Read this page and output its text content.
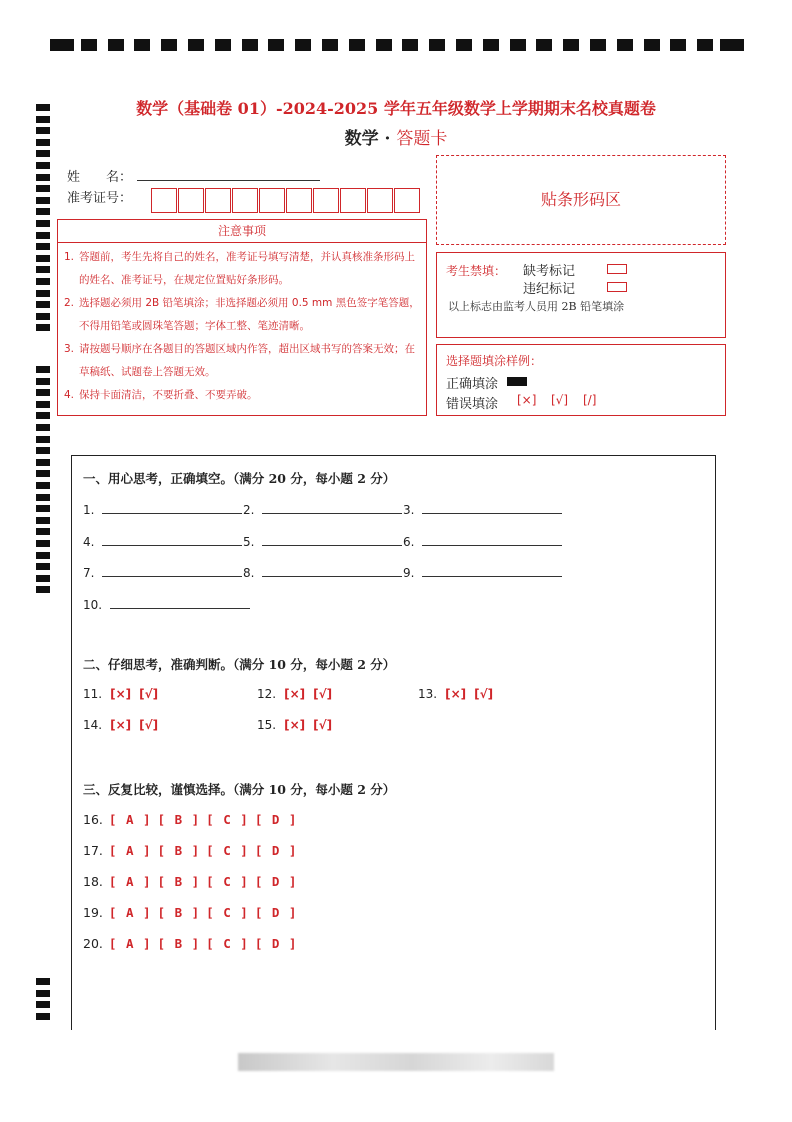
数学（基础卷 01）-2024-2025 学年五年级数学上学期期末名校真题卷
数学 · 答题卡
姓　　名：
准考证号：	贴条形码区
注意事项
1. 答题前，考生先将自己的姓名，准考证号填写清楚，并认真核准条形码上的姓名、准考证号，在规定位置贴好条形码。
2. 选择题必须用 2B 铅笔填涂；非选择题必须用 0.5 mm 黑色签字笔答题，不得用铅笔或圆珠笔答题；字体工整、笔迹清晰。
3. 请按题号顺序在各题目的答题区域内作答，超出区域书写的答案无效；在草稿纸、试题卷上答题无效。
4. 保持卡面清洁，不要折叠、不要弄破。
考生禁填： 缺考标记
违纪标记
以上标志由监考人员用 2B 铅笔填涂
选择题填涂样例：
正确填涂
错误填涂 [×] [√] [/]
一、用心思考，正确填空。（满分 20 分，每小题 2 分）
1.	2.	3.
4.	5.	6.
7.	8.	9.
10.
二、仔细思考，准确判断。（满分 10 分，每小题 2 分）
11. [×] [√]	12. [×] [√]	13. [×] [√]
14. [×] [√]	15. [×] [√]
三、反复比较，谨慎选择。（满分 10 分，每小题 2 分）
16. [ A ] [ B ] [ C ] [ D ]
17. [ A ] [ B ] [ C ] [ D ]
18. [ A ] [ B ] [ C ] [ D ]
19. [ A ] [ B ] [ C ] [ D ]
20. [ A ] [ B ] [ C ] [ D ]
